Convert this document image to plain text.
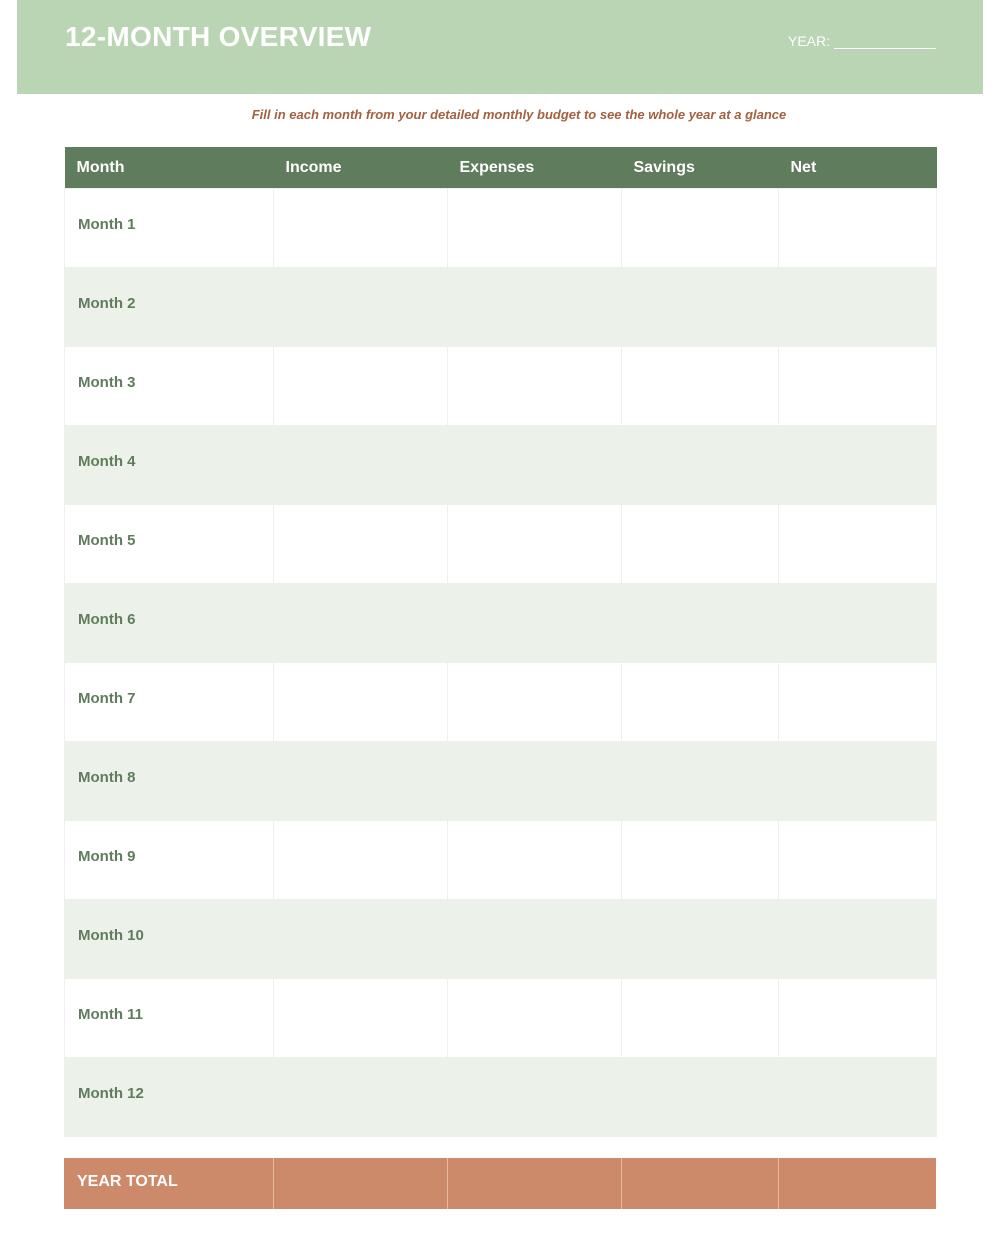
12-MONTH OVERVIEW	YEAR:

Fill in each month from your detailed monthly budget to see the whole year at a glance

Month	Income	Expenses	Savings	Net
Month 1				
Month 2				
Month 3				
Month 4				
Month 5				
Month 6				
Month 7				
Month 8				
Month 9				
Month 10				
Month 11				
Month 12				
YEAR TOTAL				
